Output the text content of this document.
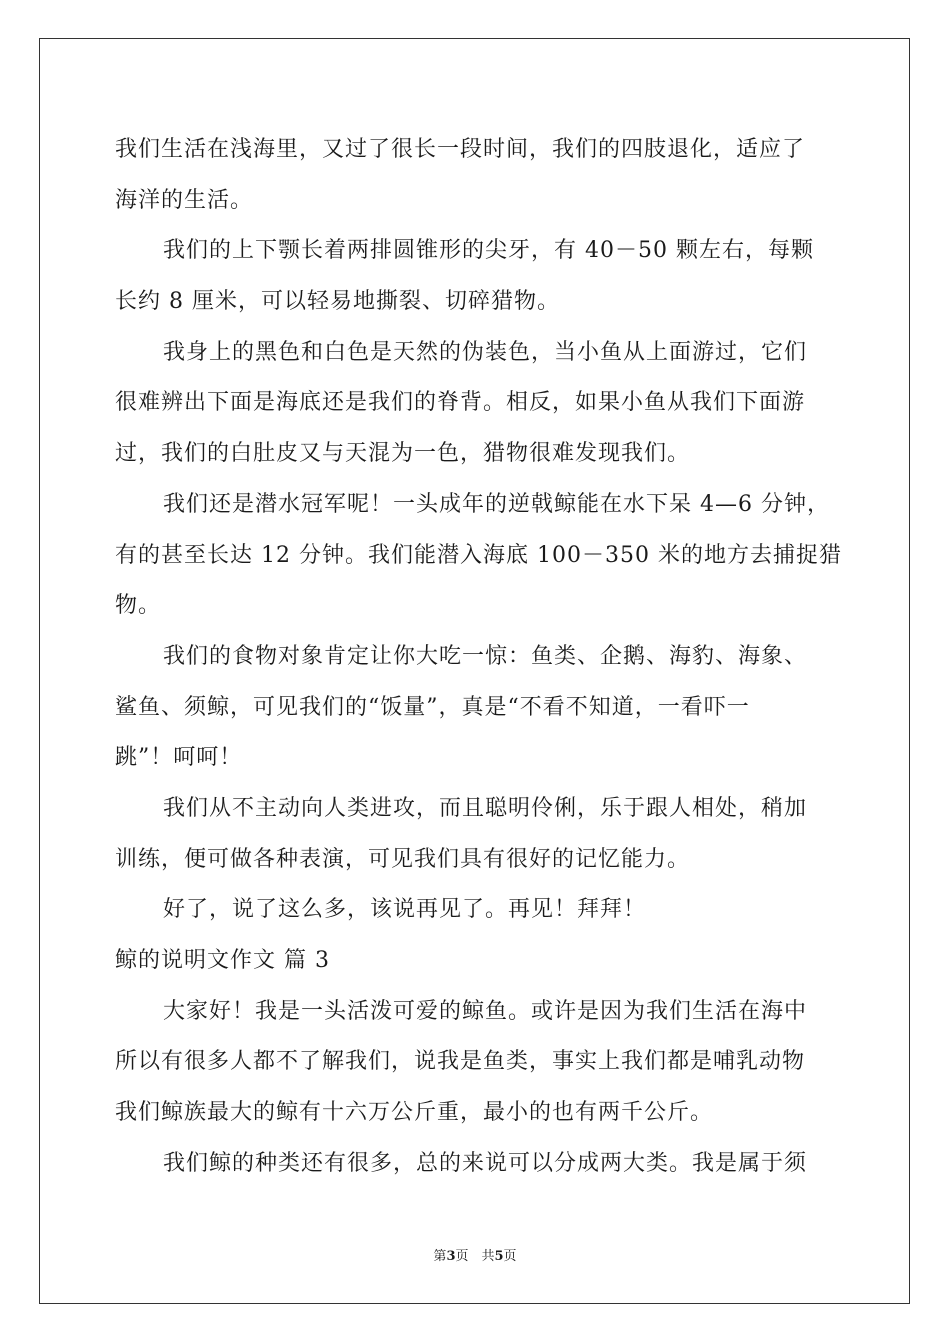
我们生活在浅海里，又过了很长一段时间，我们的四肢退化，适应了
海洋的生活。
我们的上下颚长着两排圆锥形的尖牙，有 40－50 颗左右，每颗
长约 8 厘米，可以轻易地撕裂、切碎猎物。
我身上的黑色和白色是天然的伪装色，当小鱼从上面游过，它们
很难辨出下面是海底还是我们的脊背。相反，如果小鱼从我们下面游
过，我们的白肚皮又与天混为一色，猎物很难发现我们。
我们还是潜水冠军呢！一头成年的逆戟鲸能在水下呆 4—6 分钟，
有的甚至长达 12 分钟。我们能潜入海底 100－350 米的地方去捕捉猎
物。
我们的食物对象肯定让你大吃一惊：鱼类、企鹅、海豹、海象、
鲨鱼、须鲸，可见我们的“饭量”，真是“不看不知道，一看吓一
跳”！呵呵！
我们从不主动向人类进攻，而且聪明伶俐，乐于跟人相处，稍加
训练，便可做各种表演，可见我们具有很好的记忆能力。
好了，说了这么多，该说再见了。再见！拜拜！
鲸的说明文作文 篇 3
大家好！我是一头活泼可爱的鲸鱼。或许是因为我们生活在海中
所以有很多人都不了解我们，说我是鱼类，事实上我们都是哺乳动物
我们鲸族最大的鲸有十六万公斤重，最小的也有两千公斤。
我们鲸的种类还有很多，总的来说可以分成两大类。我是属于须
第3页　共5页
